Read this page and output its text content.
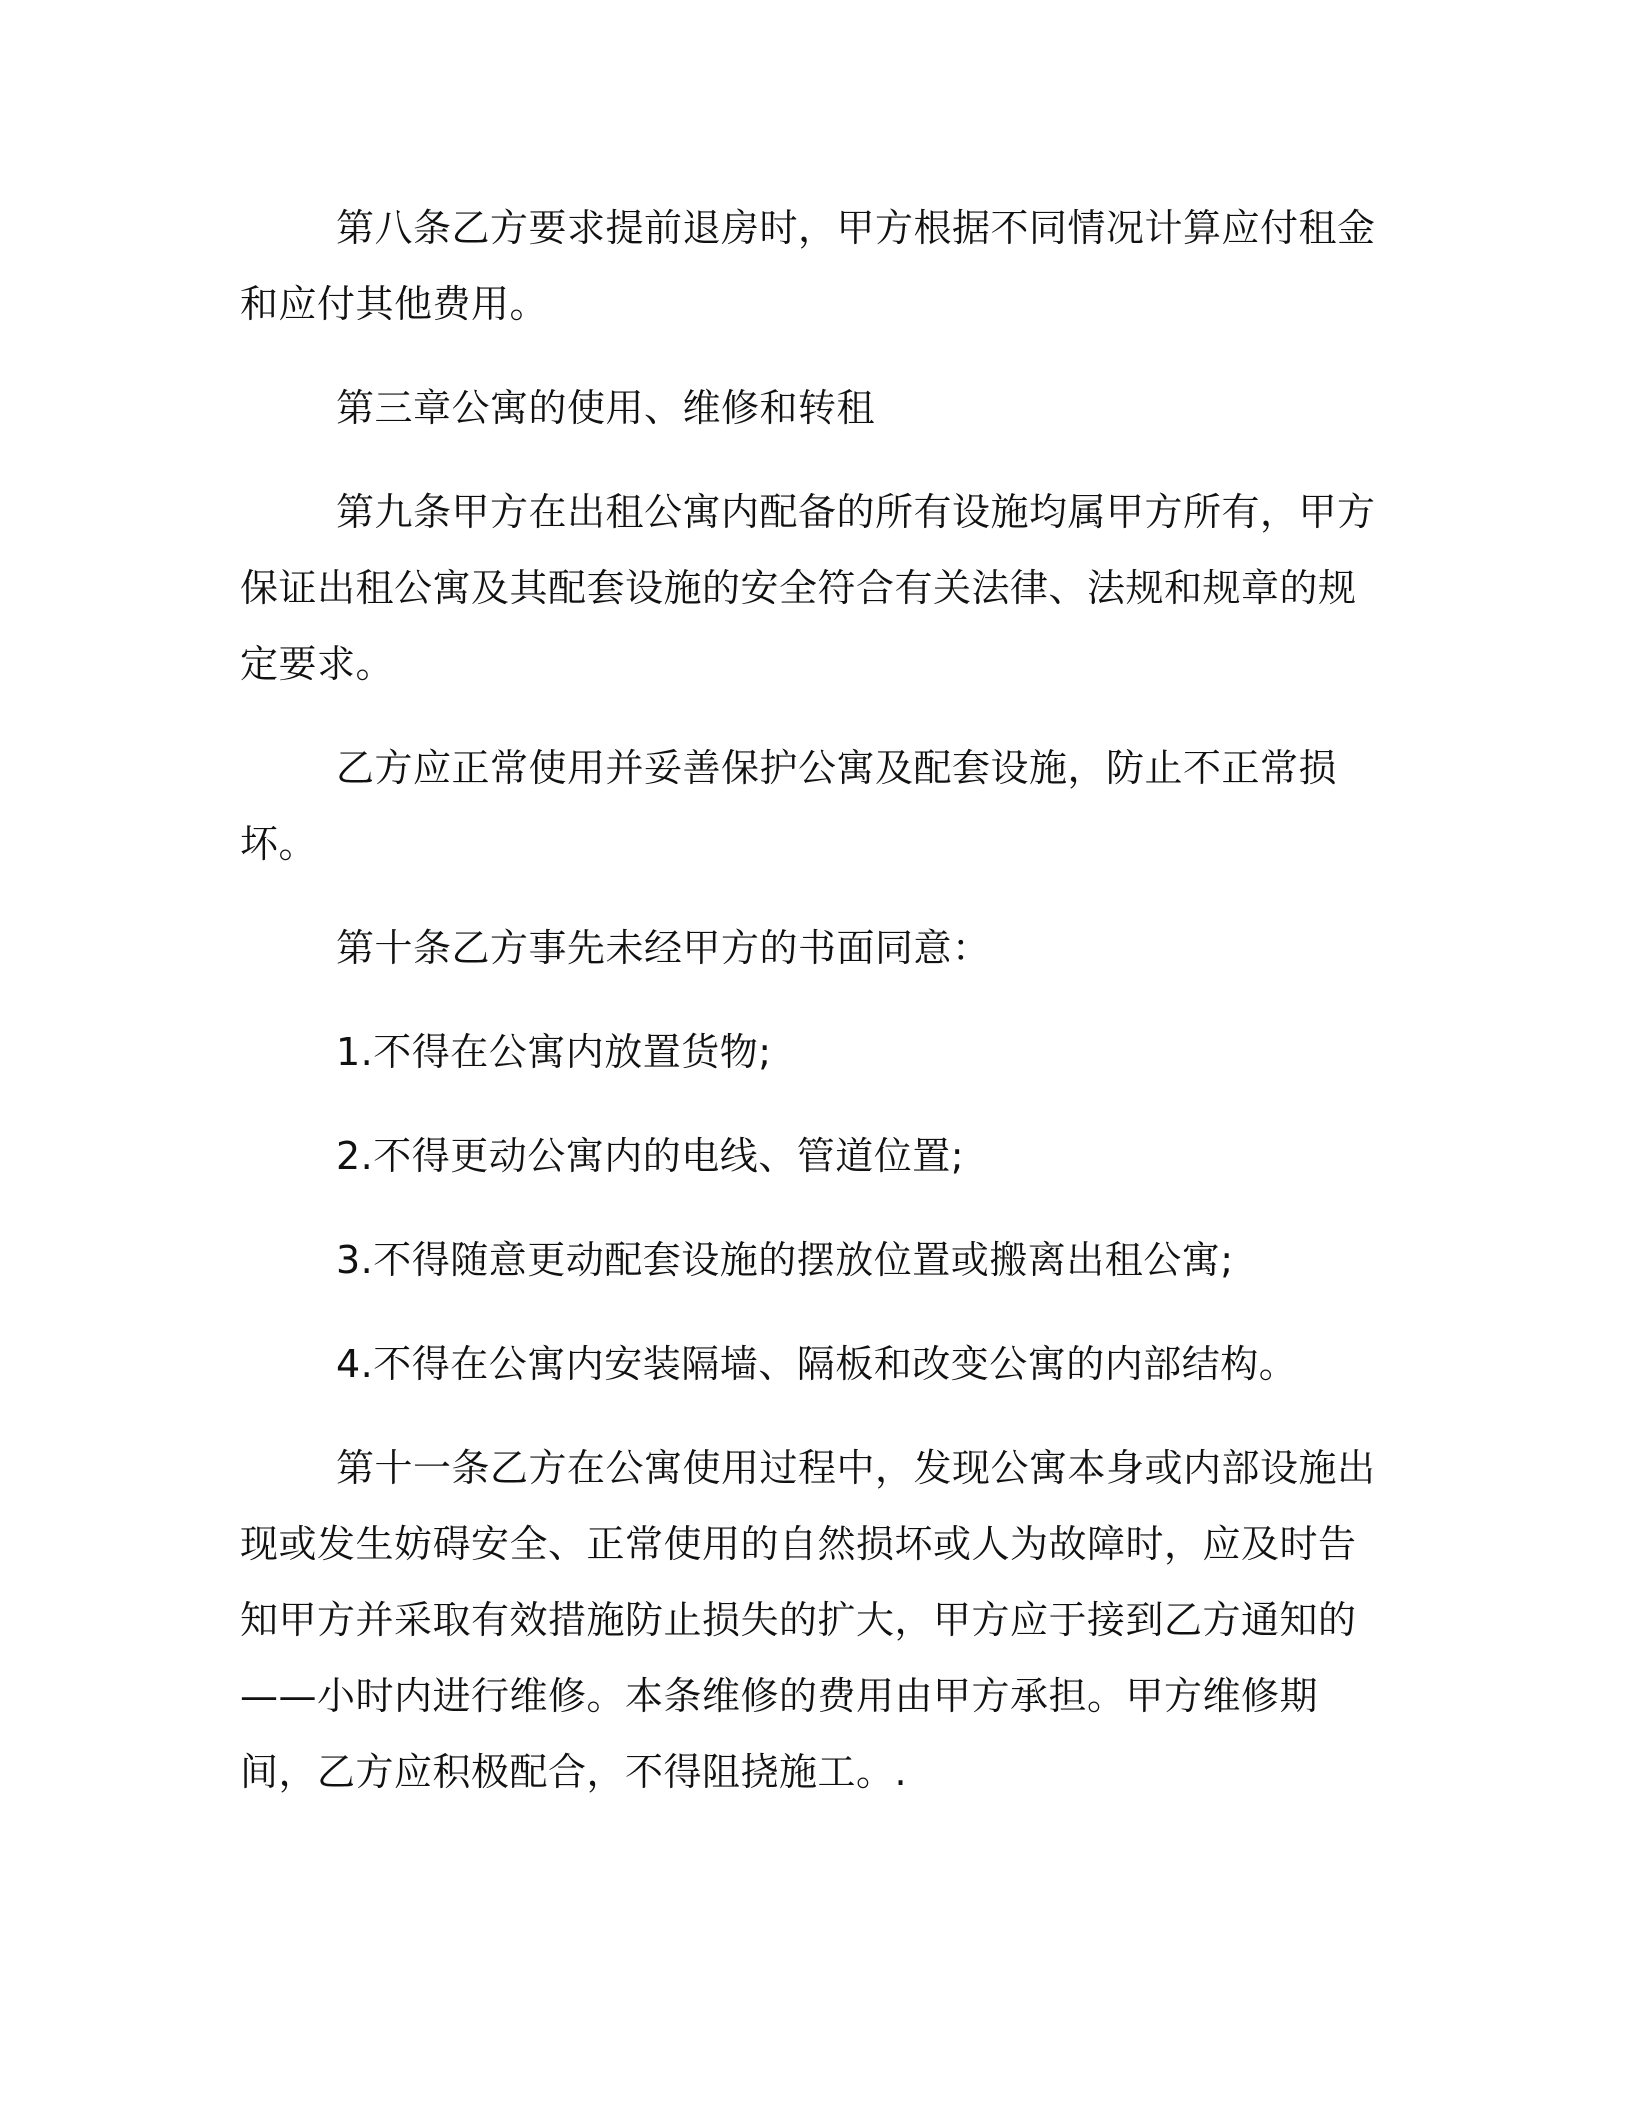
第八条乙方要求提前退房时，甲方根据不同情况计算应付租金和应付其他费用。

第三章公寓的使用、维修和转租

第九条甲方在出租公寓内配备的所有设施均属甲方所有，甲方保证出租公寓及其配套设施的安全符合有关法律、法规和规章的规定要求。

乙方应正常使用并妥善保护公寓及配套设施，防止不正常损坏。

第十条乙方事先未经甲方的书面同意：

1.不得在公寓内放置货物;

2.不得更动公寓内的电线、管道位置;

3.不得随意更动配套设施的摆放位置或搬离出租公寓;

4.不得在公寓内安装隔墙、隔板和改变公寓的内部结构。

第十一条乙方在公寓使用过程中，发现公寓本身或内部设施出现或发生妨碍安全、正常使用的自然损坏或人为故障时，应及时告知甲方并采取有效措施防止损失的扩大，甲方应于接到乙方通知的——小时内进行维修。本条维修的费用由甲方承担。甲方维修期间，乙方应积极配合，不得阻挠施工。.
